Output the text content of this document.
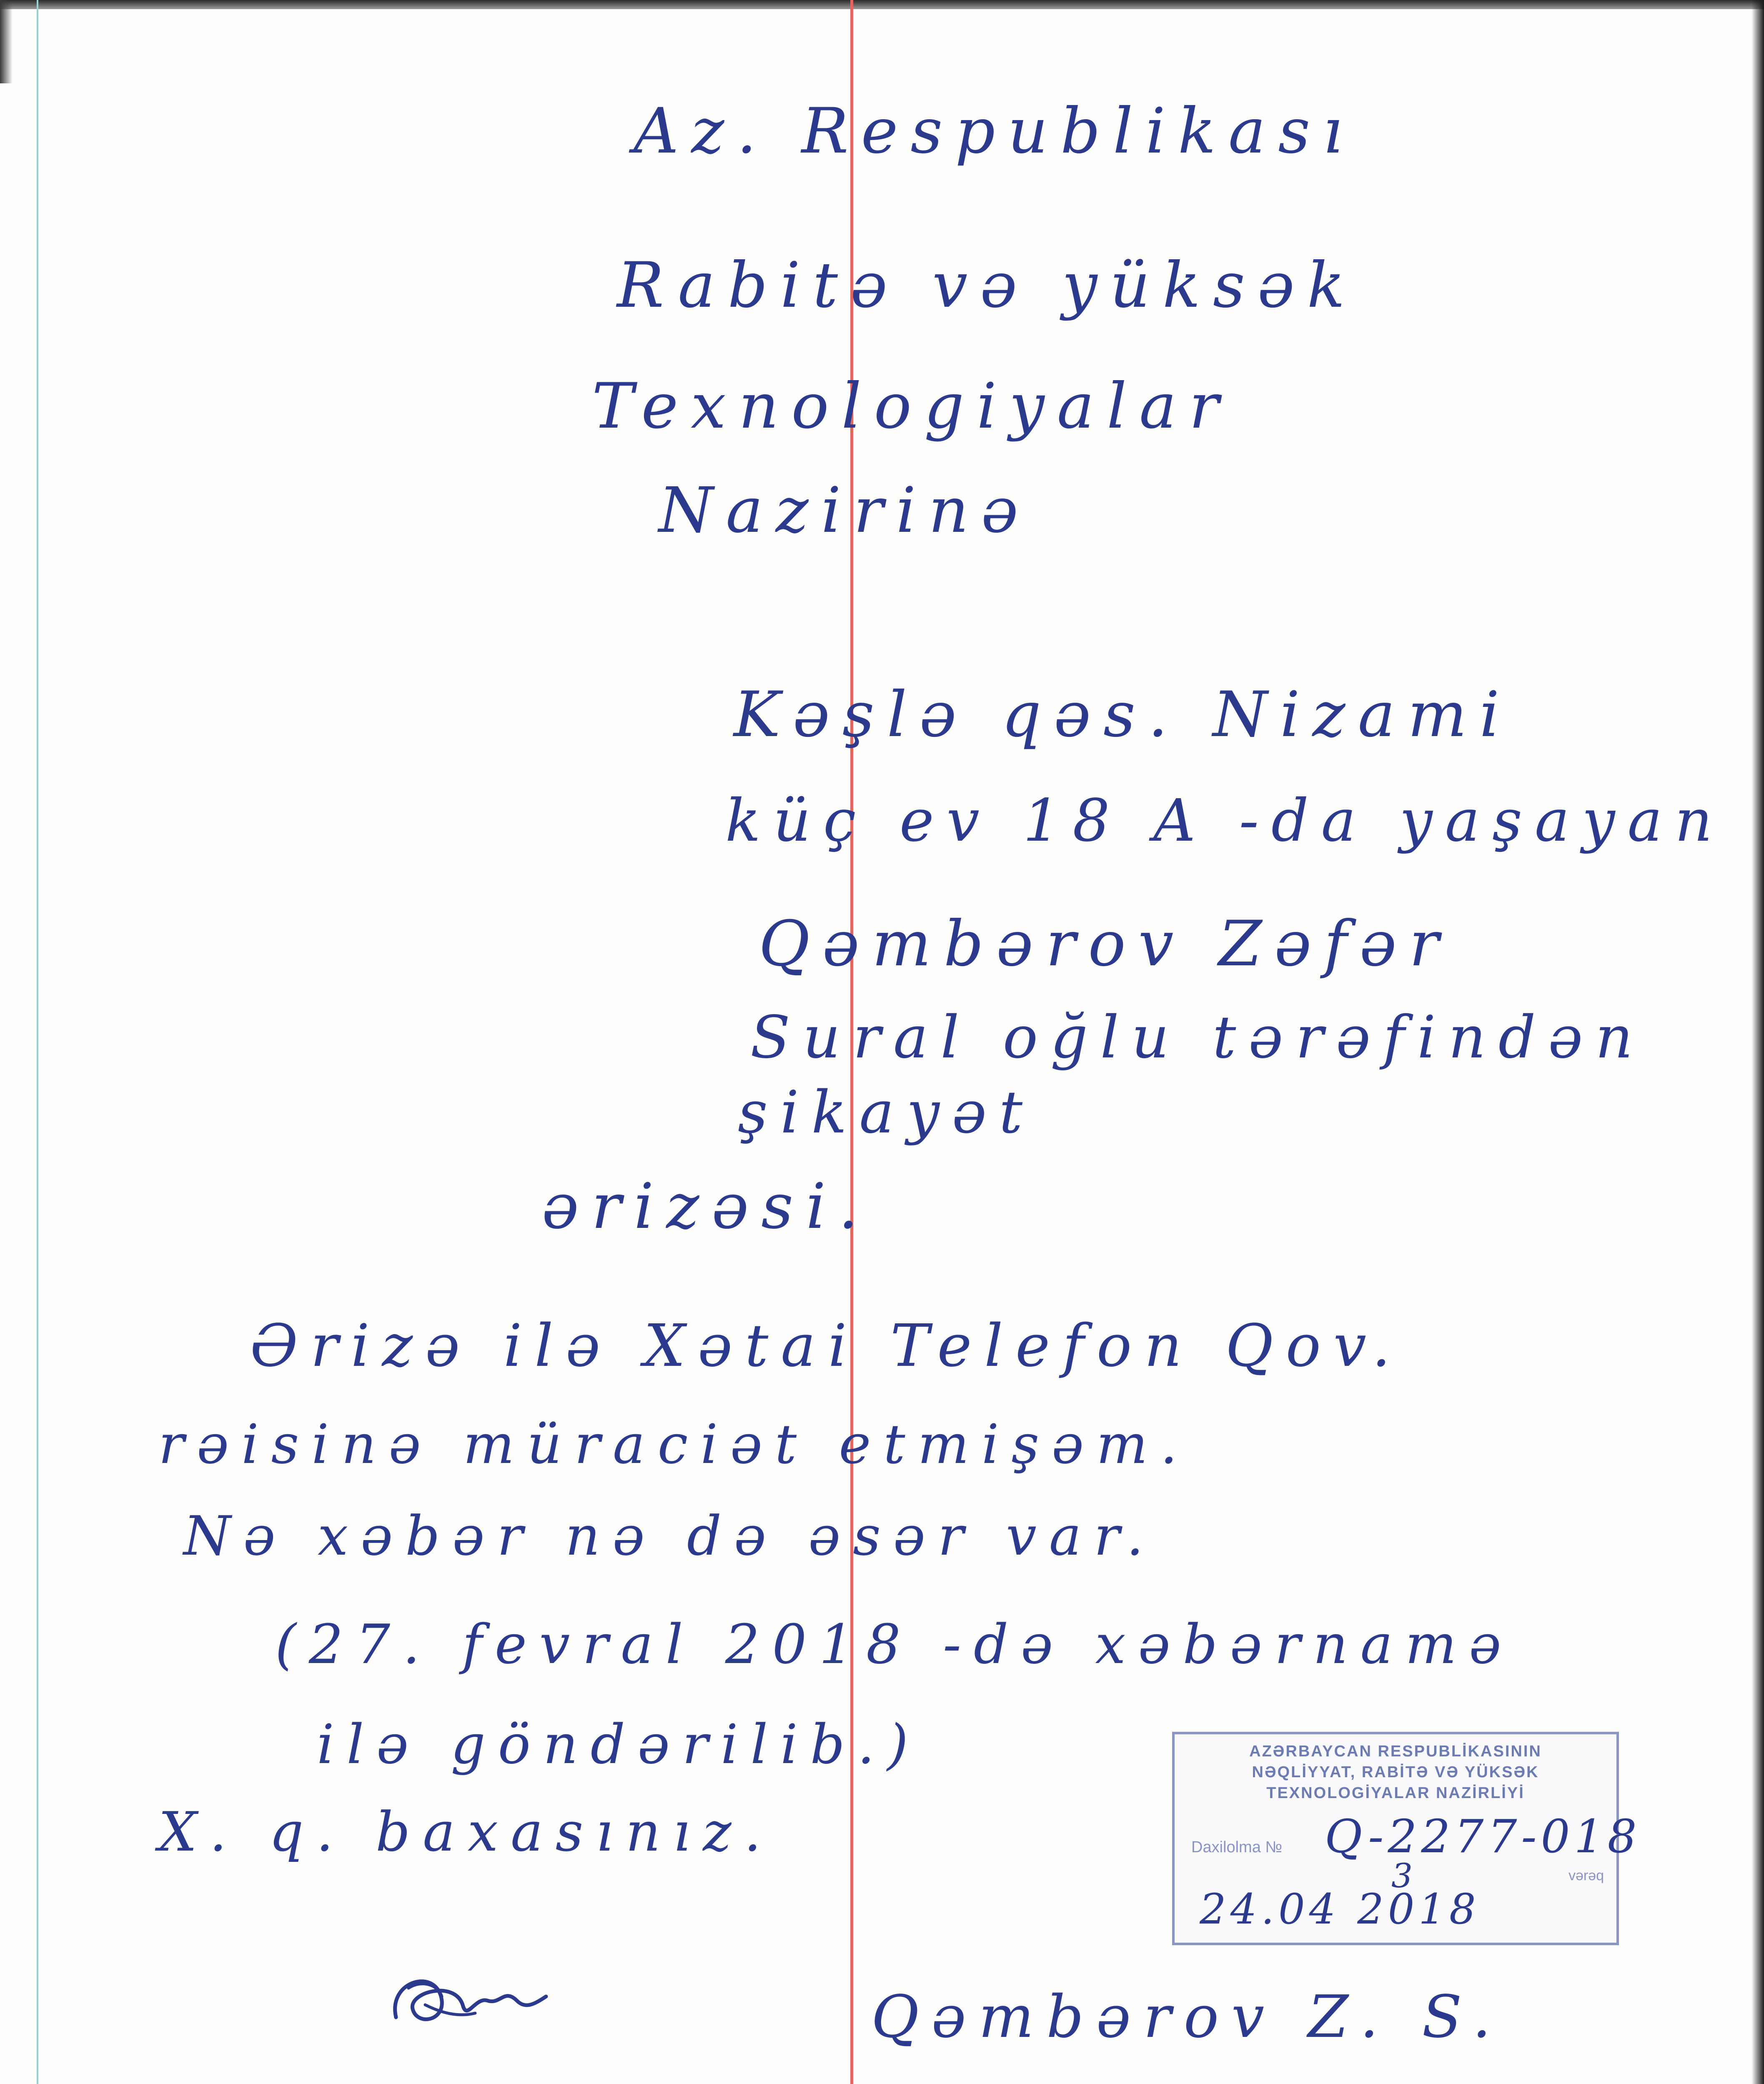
Az. Respublikası

Rabitə və yüksək

Texnologiyalar

Nazirinə

Kəşlə qəs. Nizami

küç ev 18 A -da yaşayan

Qəmbərov Zəfər

Sural oğlu tərəfindən

şikayət

ərizəsi.

Ərizə ilə Xətai Telefon Qov.

rəisinə müraciət etmişəm.

Nə xəbər nə də əsər var.

(27. fevral 2018 -də xəbərnamə

ilə göndərilib.)

X. q. baxasınız.

AZƏRBAYCAN RESPUBLİKASININ
NƏQLİYYAT, RABİTƏ VƏ YÜKSƏK
TEXNOLOGİYALAR NAZİRLİYİ
Daxilolma № Q-2277-018
3	vərəq
24.04 2018

Qəmbərov Z. S.
